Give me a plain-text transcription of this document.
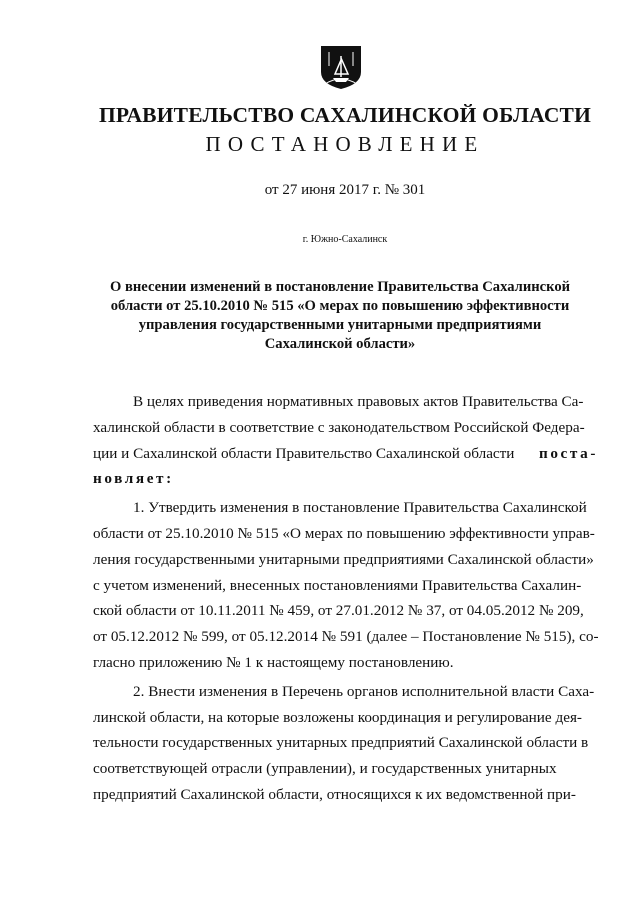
ПРАВИТЕЛЬСТВО САХАЛИНСКОЙ ОБЛАСТИ
ПОСТАНОВЛЕНИЕ
от 27 июня 2017 г. № 301
г. Южно-Сахалинск
О внесении изменений в постановление Правительства Сахалинской
области от 25.10.2010 № 515 «О мерах по повышению эффективности
управления государственными унитарными предприятиями
Сахалинской области»
В целях приведения нормативных правовых актов Правительства Са-
халинской области в соответствие с законодательством Российской Федера-
ции и Сахалинской области Правительство Сахалинской области поста-
новляет:
1. Утвердить изменения в постановление Правительства Сахалинской
области от 25.10.2010 № 515 «О мерах по повышению эффективности управ-
ления государственными унитарными предприятиями Сахалинской области»
с учетом изменений, внесенных постановлениями Правительства Сахалин-
ской области от 10.11.2011 № 459, от 27.01.2012 № 37, от 04.05.2012 № 209,
от 05.12.2012 № 599, от 05.12.2014 № 591 (далее – Постановление № 515), со-
гласно приложению № 1 к настоящему постановлению.
2. Внести изменения в Перечень органов исполнительной власти Саха-
линской области, на которые возложены координация и регулирование дея-
тельности государственных унитарных предприятий Сахалинской области в
соответствующей отрасли (управлении), и государственных унитарных
предприятий Сахалинской области, относящихся к их ведомственной при-
